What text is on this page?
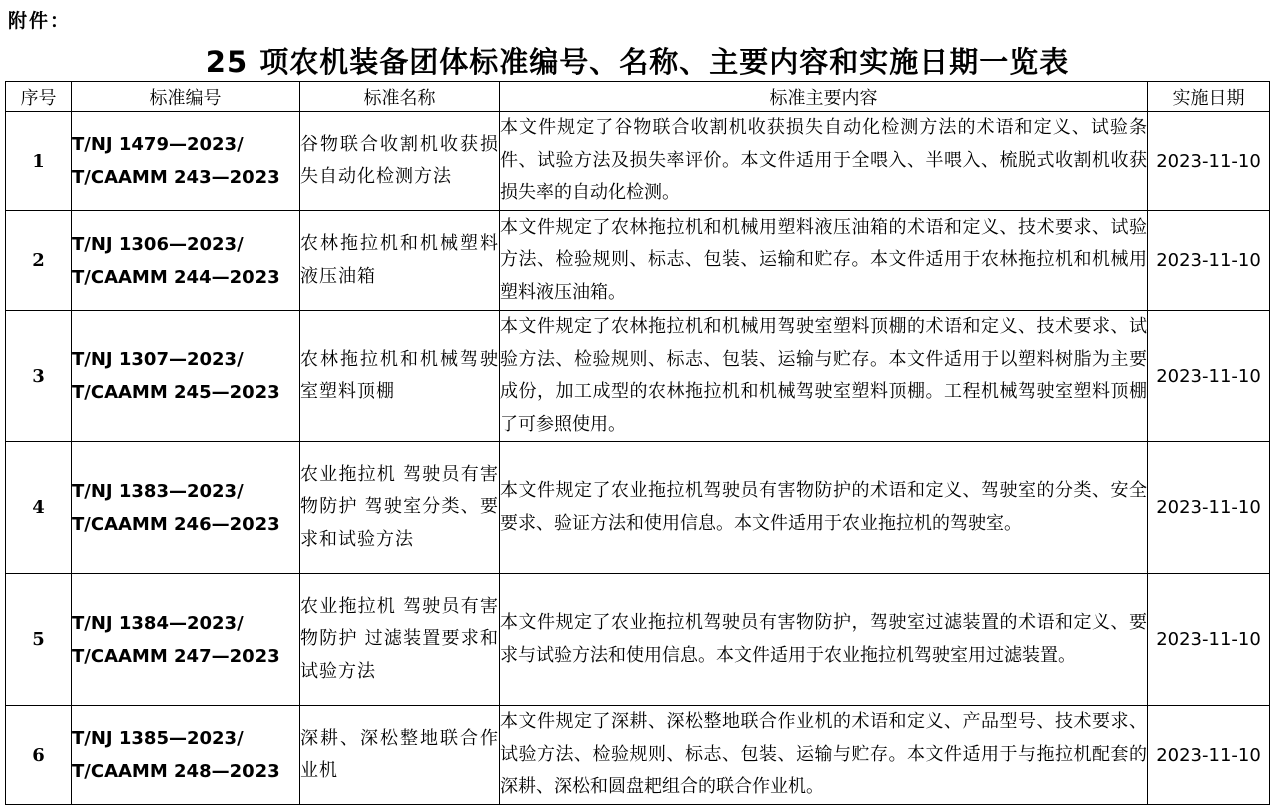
附件：
25 项农机装备团体标准编号、名称、主要内容和实施日期一览表
序号	标准编号	标准名称	标准主要内容	实施日期
1	T/NJ 1479—2023/
T/CAAMM 243—2023	谷物联合收割机收获损失自动化检测方法	本文件规定了谷物联合收割机收获损失自动化检测方法的术语和定义、试验条件、试验方法及损失率评价。本文件适用于全喂入、半喂入、梳脱式收割机收获损失率的自动化检测。	2023-11-10
2	T/NJ 1306—2023/
T/CAAMM 244—2023	农林拖拉机和机械塑料液压油箱	本文件规定了农林拖拉机和机械用塑料液压油箱的术语和定义、技术要求、试验方法、检验规则、标志、包装、运输和贮存。本文件适用于农林拖拉机和机械用塑料液压油箱。	2023-11-10
3	T/NJ 1307—2023/
T/CAAMM 245—2023	农林拖拉机和机械驾驶室塑料顶棚	本文件规定了农林拖拉机和机械用驾驶室塑料顶棚的术语和定义、技术要求、试验方法、检验规则、标志、包装、运输与贮存。本文件适用于以塑料树脂为主要成份，加工成型的农林拖拉机和机械驾驶室塑料顶棚。工程机械驾驶室塑料顶棚了可参照使用。	2023-11-10
4	T/NJ 1383—2023/
T/CAAMM 246—2023	农业拖拉机 驾驶员有害物防护 驾驶室分类、要求和试验方法	本文件规定了农业拖拉机驾驶员有害物防护的术语和定义、驾驶室的分类、安全要求、验证方法和使用信息。本文件适用于农业拖拉机的驾驶室。	2023-11-10
5	T/NJ 1384—2023/
T/CAAMM 247—2023	农业拖拉机 驾驶员有害物防护 过滤装置要求和试验方法	本文件规定了农业拖拉机驾驶员有害物防护，驾驶室过滤装置的术语和定义、要求与试验方法和使用信息。本文件适用于农业拖拉机驾驶室用过滤装置。	2023-11-10
6	T/NJ 1385—2023/
T/CAAMM 248—2023	深耕、深松整地联合作业机	本文件规定了深耕、深松整地联合作业机的术语和定义、产品型号、技术要求、试验方法、检验规则、标志、包装、运输与贮存。本文件适用于与拖拉机配套的深耕、深松和圆盘耙组合的联合作业机。	2023-11-10
